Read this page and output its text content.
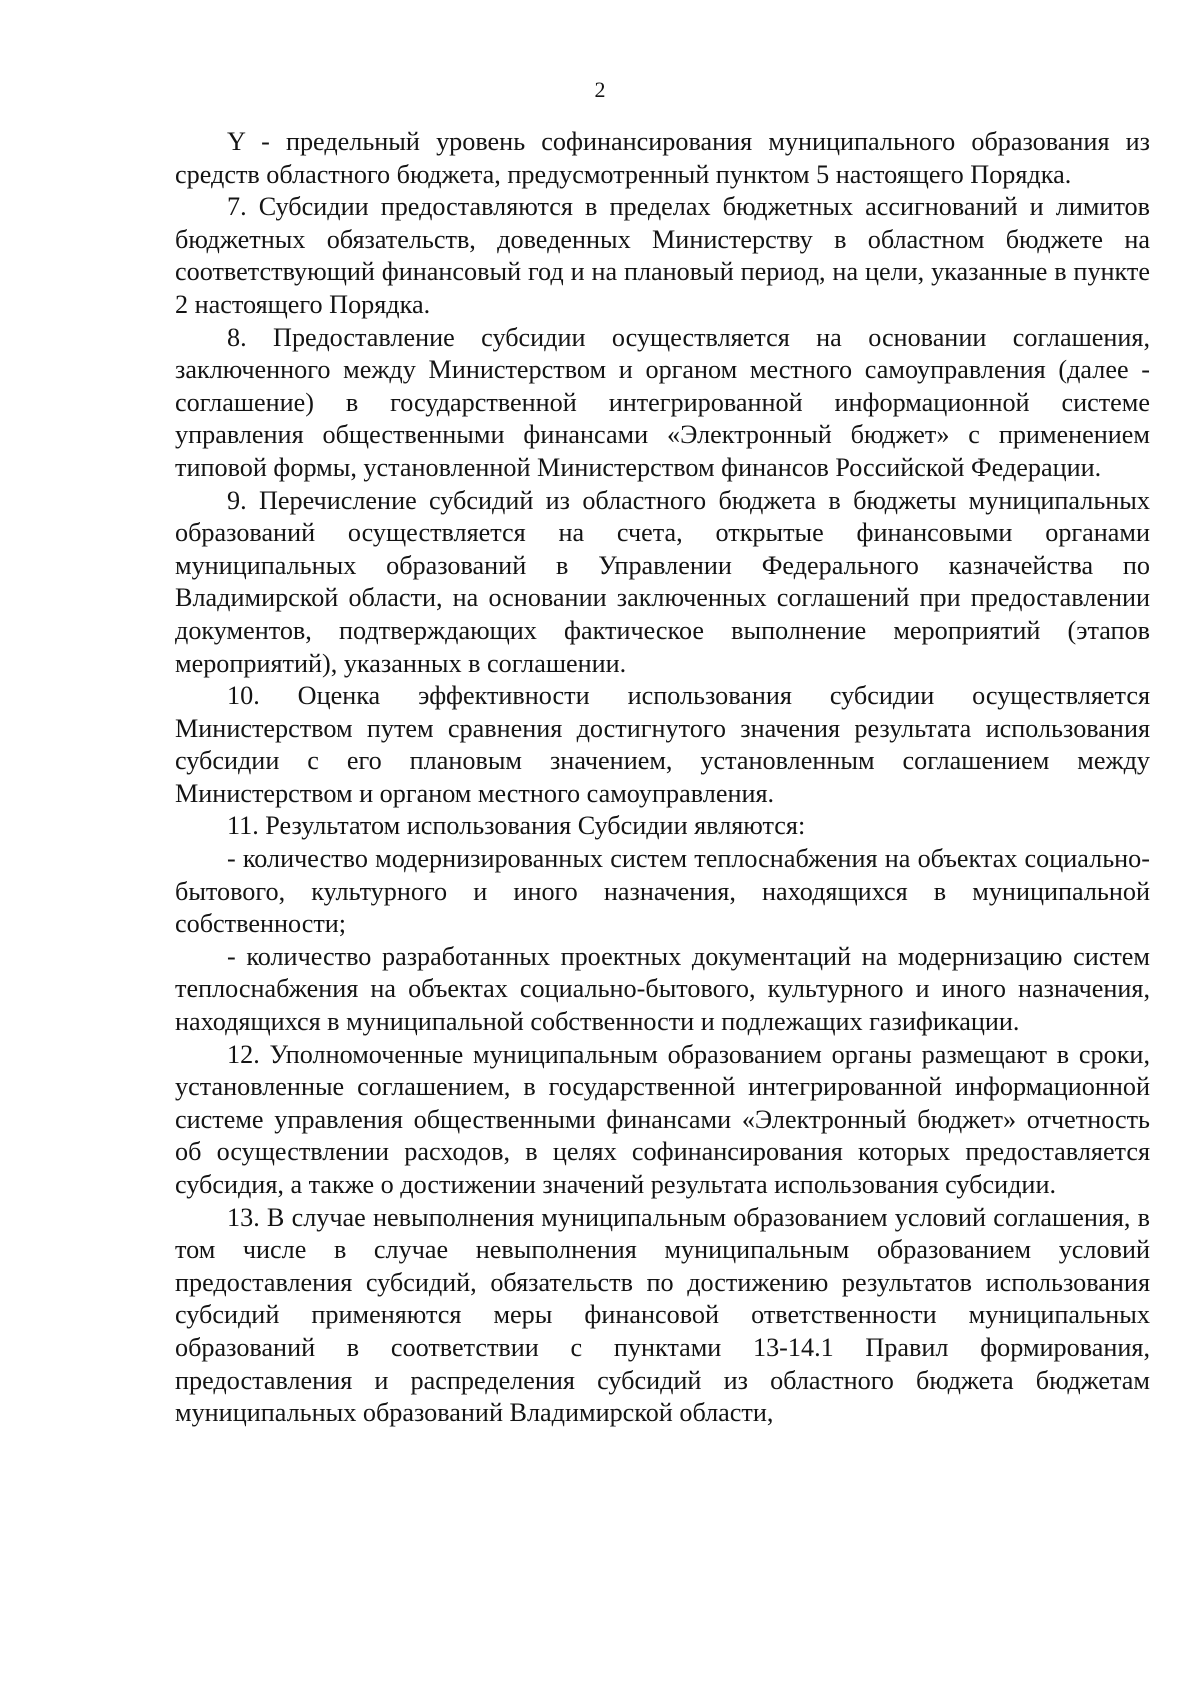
2

Y - предельный уровень софинансирования муниципального образования из средств областного бюджета, предусмотренный пунктом 5 настоящего Порядка.

7. Субсидии предоставляются в пределах бюджетных ассигнований и лимитов бюджетных обязательств, доведенных Министерству в областном бюджете на соответствующий финансовый год и на плановый период, на цели, указанные в пункте 2 настоящего Порядка.

8. Предоставление субсидии осуществляется на основании соглашения, заключенного между Министерством и органом местного самоуправления (далее - соглашение) в государственной интегрированной информационной системе управления общественными финансами «Электронный бюджет» с применением типовой формы, установленной Министерством финансов Российской Федерации.

9. Перечисление субсидий из областного бюджета в бюджеты муниципальных образований осуществляется на счета, открытые финансовыми органами муниципальных образований в Управлении Федерального казначейства по Владимирской области, на основании заключенных соглашений при предоставлении документов, подтверждающих фактическое выполнение мероприятий (этапов мероприятий), указанных в соглашении.

10. Оценка эффективности использования субсидии осуществляется Министерством путем сравнения достигнутого значения результата использования субсидии с его плановым значением, установленным соглашением между Министерством и органом местного самоуправления.

11. Результатом использования Субсидии являются:

- количество модернизированных систем теплоснабжения на объектах социально-бытового, культурного и иного назначения, находящихся в муниципальной собственности;

- количество разработанных проектных документаций на модернизацию систем теплоснабжения на объектах социально-бытового, культурного и иного назначения, находящихся в муниципальной собственности и подлежащих газификации.

12. Уполномоченные муниципальным образованием органы размещают в сроки, установленные соглашением, в государственной интегрированной информационной системе управления общественными финансами «Электронный бюджет» отчетность об осуществлении расходов, в целях софинансирования которых предоставляется субсидия, а также о достижении значений результата использования субсидии.

13. В случае невыполнения муниципальным образованием условий соглашения, в том числе в случае невыполнения муниципальным образованием условий предоставления субсидий, обязательств по достижению результатов использования субсидий применяются меры финансовой ответственности муниципальных образований в соответствии с пунктами 13-14.1 Правил формирования, предоставления и распределения субсидий из областного бюджета бюджетам муниципальных образований Владимирской области,
